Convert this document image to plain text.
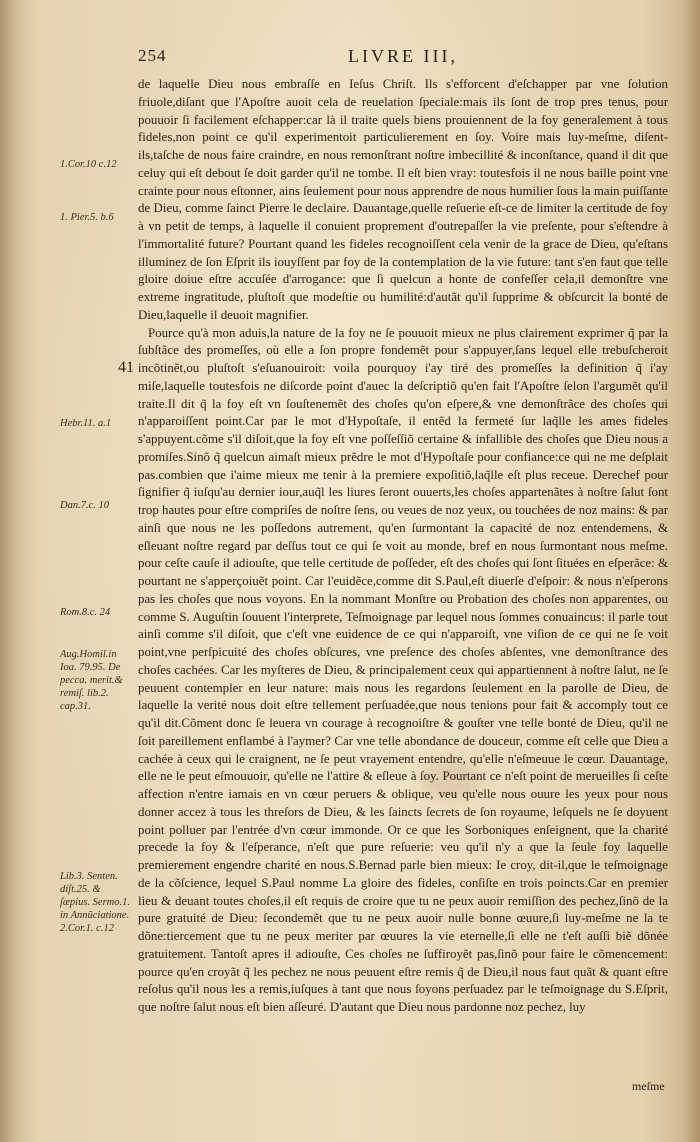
254	LIVRE III,
1.Cor.10 c.12
1. Pier.5. b.6
Hebr.11. a.1
Dan.7.c. 10
Rom.8.c. 24
Aug.Homil.in Ioa. 79.95. De pecca. merit.& remiſ. lib.2. cap.31.
Lib.3. Senten. diſt.25. & ſæpius. Sermo.1. in Annũciatione. 2.Cor.1. c.12
41

de laquelle Dieu nous embraſſe en Ieſus Chriſt. Ils s'efforcent d'eſchapper par vne ſolution friuole,diſant que l'Apoſtre auoit cela de reuelation ſpeciale:mais ils ſont de trop pres tenus, pour pouuoir ſi facilement eſchapper:car là il traite quels biens prouiennent de la foy generalement à tous fideles,non point ce qu'il experimentoit particulierement en ſoy. Voire mais luy-meſme, diſent-ils,taſche de nous faire craindre, en nous remonſtrant noſtre imbecillité & inconſtance, quand il dit que celuy qui eſt debout ſe doit garder qu'il ne tombe. Il eſt bien vray: toutesfois il ne nous baille point vne crainte pour nous eſtonner, ains ſeulement pour nous apprendre de nous humilier ſous la main puiſſante de Dieu, comme ſainct Pierre le declaire. Dauantage,quelle reſuerie eſt-ce de limiter la certitude de foy à vn petit de temps, à laquelle il conuient proprement d'outrepaſſer la vie preſente, pour s'eſtendre à l'immortalité future? Pourtant quand les fideles recognoiſſent cela venir de la grace de Dieu, qu'eſtans illuminez de ſon Eſprit ils iouyſſent par foy de la contemplation de la vie future: tant s'en faut que telle gloire doiue eſtre accuſée d'arrogance: que ſi quelcun a honte de confeſſer cela,il demonſtre vne extreme ingratitude, pluſtoſt que modeſtie ou humilité:d'autãt qu'il ſupprime & obſcurcit la bonté de Dieu,laquelle il deuoit magnifier.

Pource qu'à mon aduis,la nature de la foy ne ſe pouuoit mieux ne plus clairement exprimer q̃ par la ſubſtãce des promeſſes, où elle a ſon propre fondemẽt pour s'appuyer,ſans lequel elle trebuſcheroit incõtinẽt,ou pluſtoſt s'eſuanouiroit: voila pourquoy i'ay tiré des promeſſes la definition q̃ i'ay miſe,laquelle toutesfois ne diſcorde point d'auec la deſcriptiõ qu'en fait l'Apoſtre ſelon l'argumẽt qu'il traite.Il dit q̃ la foy eſt vn ſouſtenemẽt des choſes qu'on eſpere,& vne demonſtrãce des choſes qui n'apparoiſſent point.Car par le mot d'Hypoſtaſe, il entẽd la fermeté ſur laq̃lle les ames fideles s'appuyent.cõme s'il diſoit,que la foy eſt vne poſſeſſiõ certaine & infallible des choſes que Dieu nous a promiſes.Sinõ q̃ quelcun aimaſt mieux prẽdre le mot d'Hypoſtaſe pour confiance:ce qui ne me deſplait pas.combien que i'aime mieux me tenir à la premiere expoſitiõ,laq̃lle eſt plus receue. Derechef pour ſignifier q̃ iuſqu'au dernier iour,auq̃l les liures ſeront ouuerts,les choſes appartenãtes à noſtre ſalut ſont trop hautes pour eſtre compriſes de noſtre ſens, ou veues de noz yeux, ou touchées de noz mains: & par ainſi que nous ne les poſſedons autrement, qu'en ſurmontant la capacité de noz entendemens, & eſleuant noſtre regard par deſſus tout ce qui ſe voit au monde, bref en nous ſurmontant nous meſme. pour ceſte cauſe il adiouſte, que telle certitude de poſſeder, eſt des choſes qui ſont ſituées en eſperãce: & pourtant ne s'apperçoiuẽt point. Car l'euidẽce,comme dit S.Paul,eſt diuerſe d'eſpoir: & nous n'eſperons pas les choſes que nous voyons. En la nommant Monſtre ou Probation des choſes non apparentes, ou comme S. Auguſtin ſouuent l'interprete, Teſmoignage par lequel nous ſommes conuaincus: il parle tout ainſi comme s'il diſoit, que c'eſt vne euidence de ce qui n'apparoiſt, vne viſion de ce qui ne ſe voit point,vne perſpicuité des choſes obſcures, vne preſence des choſes abſentes, vne demonſtrance des choſes cachées. Car les myſteres de Dieu, & principalement ceux qui appartiennent à noſtre ſalut, ne ſe peuuent contempler en leur nature: mais nous les regardons ſeulement en la parolle de Dieu, de laquelle la verité nous doit eſtre tellement perſuadée,que nous tenions pour fait & accomply tout ce qu'il dit.Cõment donc ſe leuera vn courage à recognoiſtre & gouſter vne telle bonté de Dieu, qu'il ne ſoit pareillement enflambé à l'aymer? Car vne telle abondance de douceur, comme eſt celle que Dieu a cachée à ceux qui le craignent, ne ſe peut vrayement entendre, qu'elle n'eſmeuue le cœur. Dauantage, elle ne le peut eſmouuoir, qu'elle ne l'attire & eſleue à ſoy. Pourtant ce n'eſt point de merueilles ſi ceſte affection n'entre iamais en vn cœur peruers & oblique, veu qu'elle nous ouure les yeux pour nous donner accez à tous les threſors de Dieu, & les ſaincts ſecrets de ſon royaume, leſquels ne ſe doyuent point polluer par l'entrée d'vn cœur immonde. Or ce que les Sorboniques enſeignent, que la charité precede la foy & l'eſperance, n'eſt que pure reſuerie: veu qu'il n'y a que la ſeule foy laquelle premierement engendre charité en nous.S.Bernad parle bien mieux: Ie croy, dit-il,que le teſmoignage de la cõſcience, lequel S.Paul nomme La gloire des fideles, conſiſte en trois poincts.Car en premier lieu & deuant toutes choſes,il eſt requis de croire que tu ne peux auoir remiſſion des pechez,ſinõ de la pure gratuité de Dieu: ſecondemẽt que tu ne peux auoir nulle bonne œuure,ſi luy-meſme ne la te dõne:tiercement que tu ne peux meriter par œuures la vie eternelle,ſi elle ne t'eſt auſſi biẽ dõnée gratuitement. Tantoſt apres il adiouſte, Ces choſes ne ſuffiroyẽt pas,ſinõ pour faire le cõmencement: pource qu'en croyãt q̃ les pechez ne nous peuuent eſtre remis q̃ de Dieu,il nous faut quãt & quant eſtre reſolus qu'il nous les a remis,iuſques à tant que nous ſoyons perſuadez par le teſmoignage du S.Eſprit, que noſtre ſalut nous eſt bien aſſeuré. D'autant que Dieu nous pardonne noz pechez, luy

meſme
